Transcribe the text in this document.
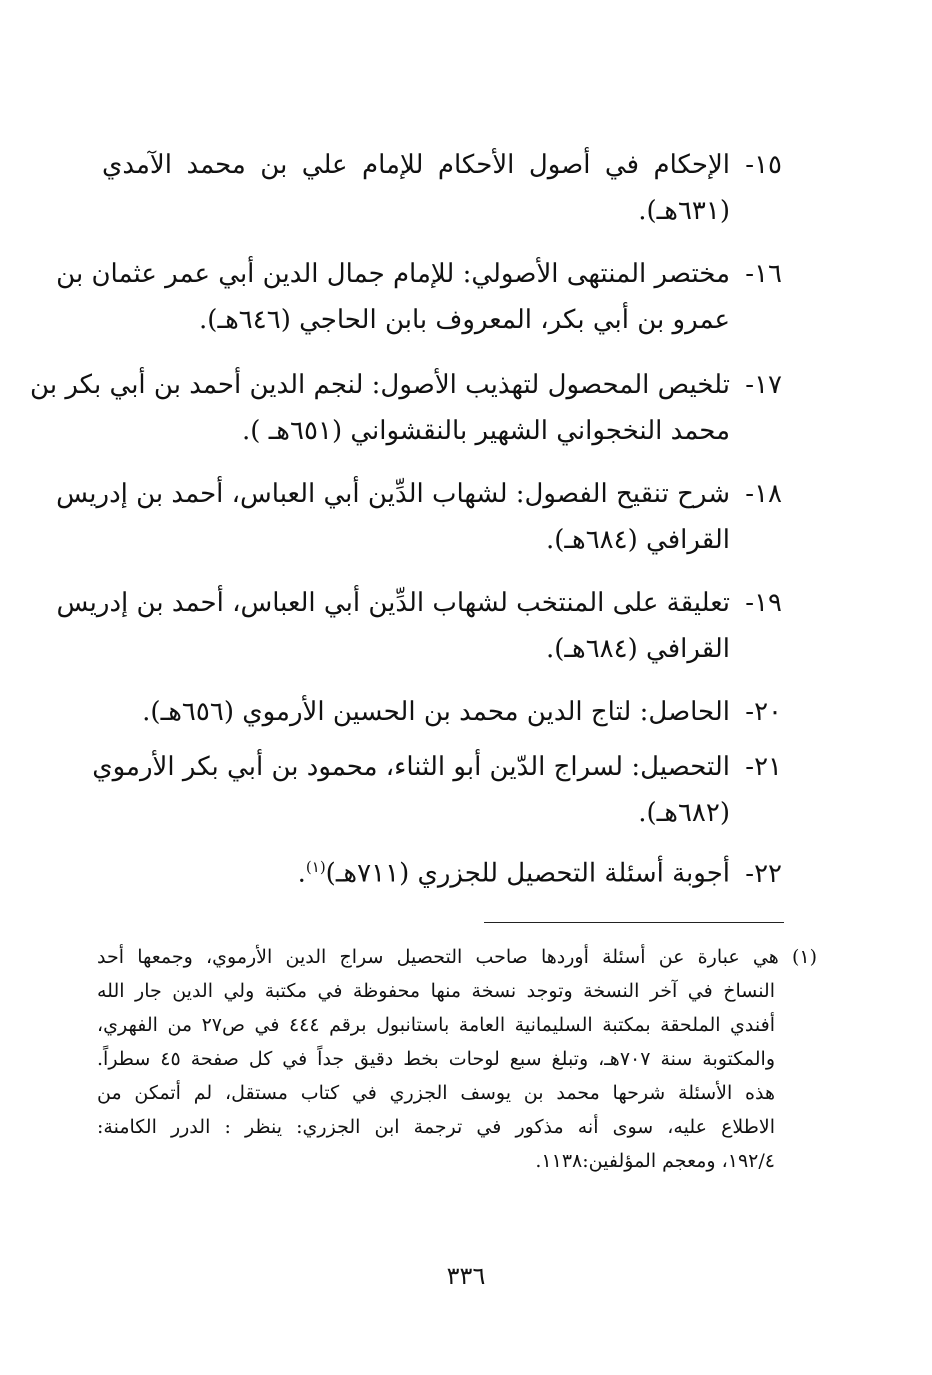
١٥-
الإحكام في أصول الأحكام للإمام علي بن محمد الآمدي
(٦٣١هـ).
١٦-
مختصر المنتهى الأصولي: للإمام جمال الدين أبي عمر عثمان بن
عمرو بن أبي بكر، المعروف بابن الحاجي (٦٤٦هـ).
١٧-
تلخيص المحصول لتهذيب الأصول: لنجم الدين أحمد بن أبي بكر بن
محمد النخجواني الشهير بالنقشواني (٦٥١هـ ).
١٨-
شرح تنقيح الفصول: لشهاب الدِّين أبي العباس، أحمد بن إدريس
القرافي (٦٨٤هـ).
١٩-
تعليقة على المنتخب لشهاب الدِّين أبي العباس، أحمد بن إدريس
القرافي (٦٨٤هـ).
٢٠-
الحاصل: لتاج الدين محمد بن الحسين الأرموي (٦٥٦هـ).
٢١-
التحصيل: لسراج الدّين أبو الثناء، محمود بن أبي بكر الأرموي
(٦٨٢هـ).
٢٢-
أجوبة أسئلة التحصيل للجزري (٧١١هـ)$^{(١)}$.
(١) هي عبارة عن أسئلة أوردها صاحب التحصيل سراج الدين الأرموي، وجمعها أحد
النساخ في آخر النسخة وتوجد نسخة منها محفوظة في مكتبة ولي الدين جار الله
أفندي الملحقة بمكتبة السليمانية العامة باستانبول برقم ٤٤٤ في ص٢٧ من الفهري،
والمكتوبة سنة ٧٠٧هـ، وتبلغ سبع لوحات بخط دقيق جداً في كل صفحة ٤٥ سطراً.
هذه الأسئلة شرحها محمد بن يوسف الجزري في كتاب مستقل، لم أتمكن من
الاطلاع عليه، سوى أنه مذكور في ترجمة ابن الجزري: ينظر : الدرر الكامنة:
١٩٢/٤، ومعجم المؤلفين:١١٣٨.
٣٣٦
